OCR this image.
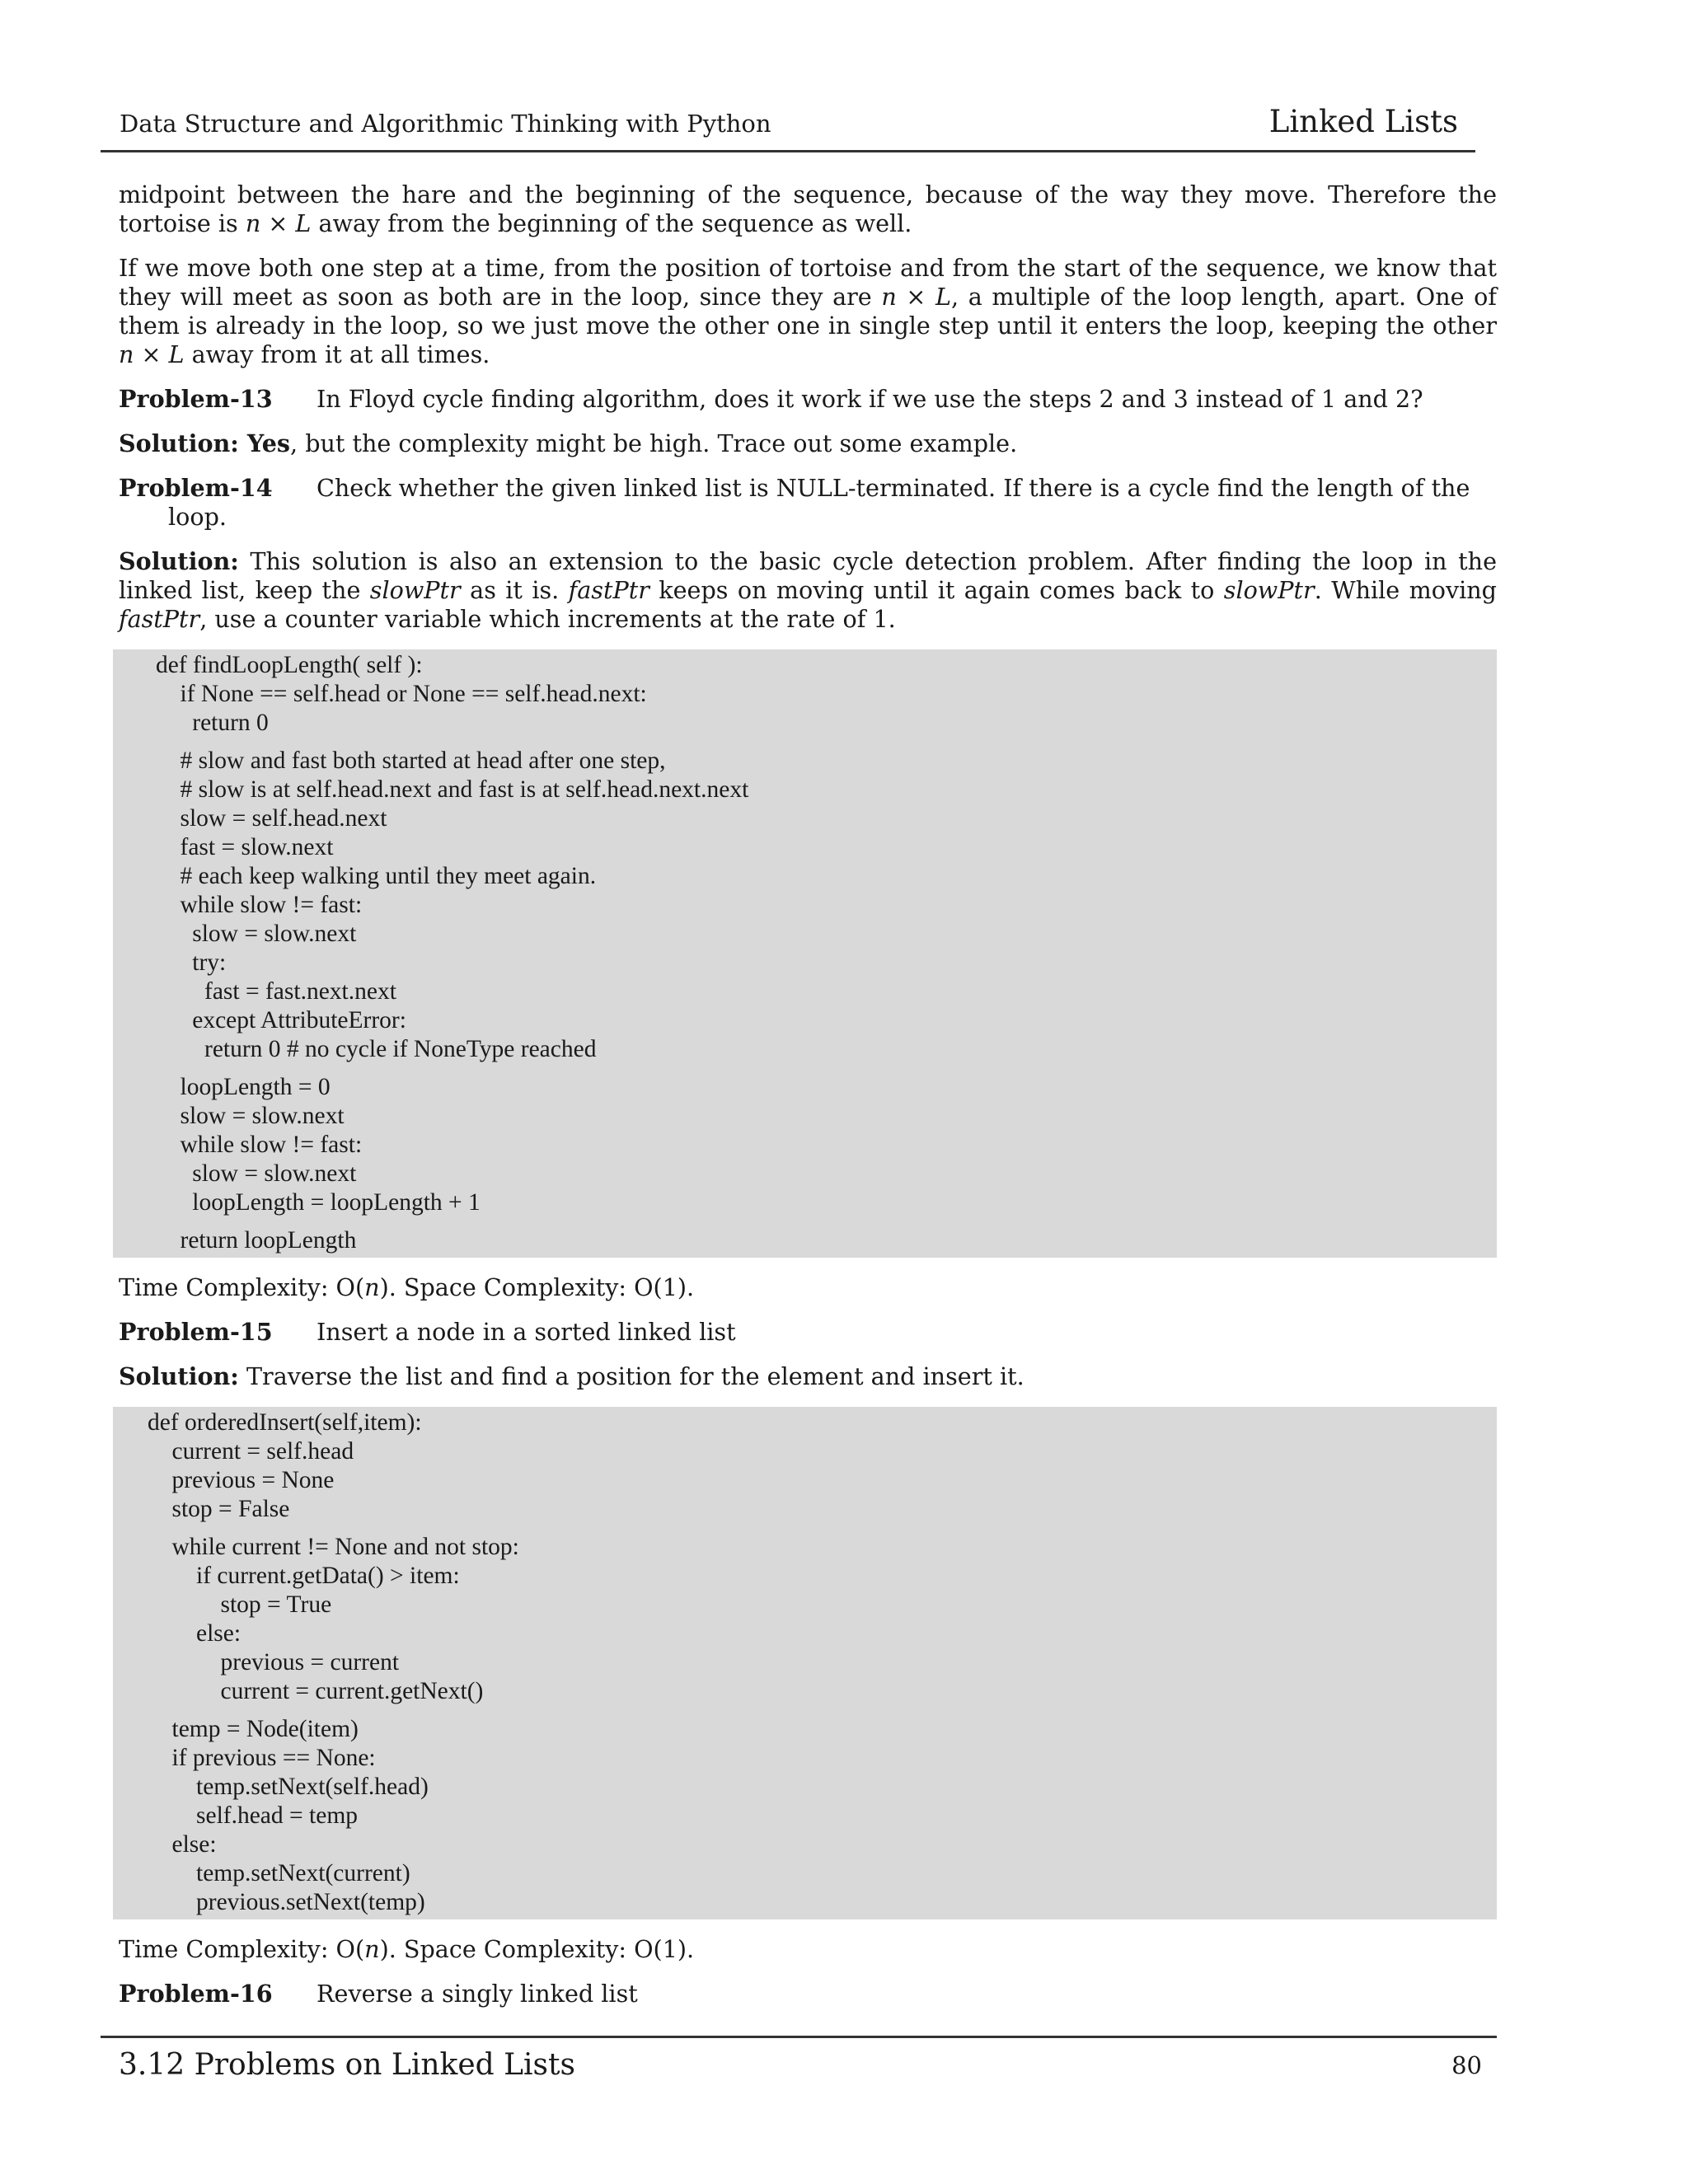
Data Structure and Algorithmic Thinking with Python	Linked Lists

midpoint between the hare and the beginning of the sequence, because of the way they move. Therefore the tortoise is n × L away from the beginning of the sequence as well.

If we move both one step at a time, from the position of tortoise and from the start of the sequence, we know that they will meet as soon as both are in the loop, since they are n × L, a multiple of the loop length, apart. One of them is already in the loop, so we just move the other one in single step until it enters the loop, keeping the other n × L away from it at all times.

Problem-13	In Floyd cycle finding algorithm, does it work if we use the steps 2 and 3 instead of 1 and 2?

Solution: Yes, but the complexity might be high. Trace out some example.

Problem-14 Check whether the given linked list is NULL-terminated. If there is a cycle find the length of the
loop.

Solution: This solution is also an extension to the basic cycle detection problem. After finding the loop in the linked list, keep the slowPtr as it is. fastPtr keeps on moving until it again comes back to slowPtr. While moving fastPtr, use a counter variable which increments at the rate of 1.

def findLoopLength( self ):
if None == self.head or None == self.head.next:
return 0
# slow and fast both started at head after one step,
# slow is at self.head.next and fast is at self.head.next.next
slow = self.head.next
fast = slow.next
# each keep walking until they meet again.
while slow != fast:
slow = slow.next
try:
fast = fast.next.next
except AttributeError:
return 0 # no cycle if NoneType reached
loopLength = 0
slow = slow.next
while slow != fast:
slow = slow.next
loopLength = loopLength + 1
return loopLength

Time Complexity: O(n). Space Complexity: O(1).

Problem-15	Insert a node in a sorted linked list

Solution: Traverse the list and find a position for the element and insert it.

def orderedInsert(self,item):
current = self.head
previous = None
stop = False
while current != None and not stop:
if current.getData() > item:
stop = True
else:
previous = current
current = current.getNext()
temp = Node(item)
if previous == None:
temp.setNext(self.head)
self.head = temp
else:
temp.setNext(current)
previous.setNext(temp)

Time Complexity: O(n). Space Complexity: O(1).

Problem-16	Reverse a singly linked list
3.12 Problems on Linked Lists	80
